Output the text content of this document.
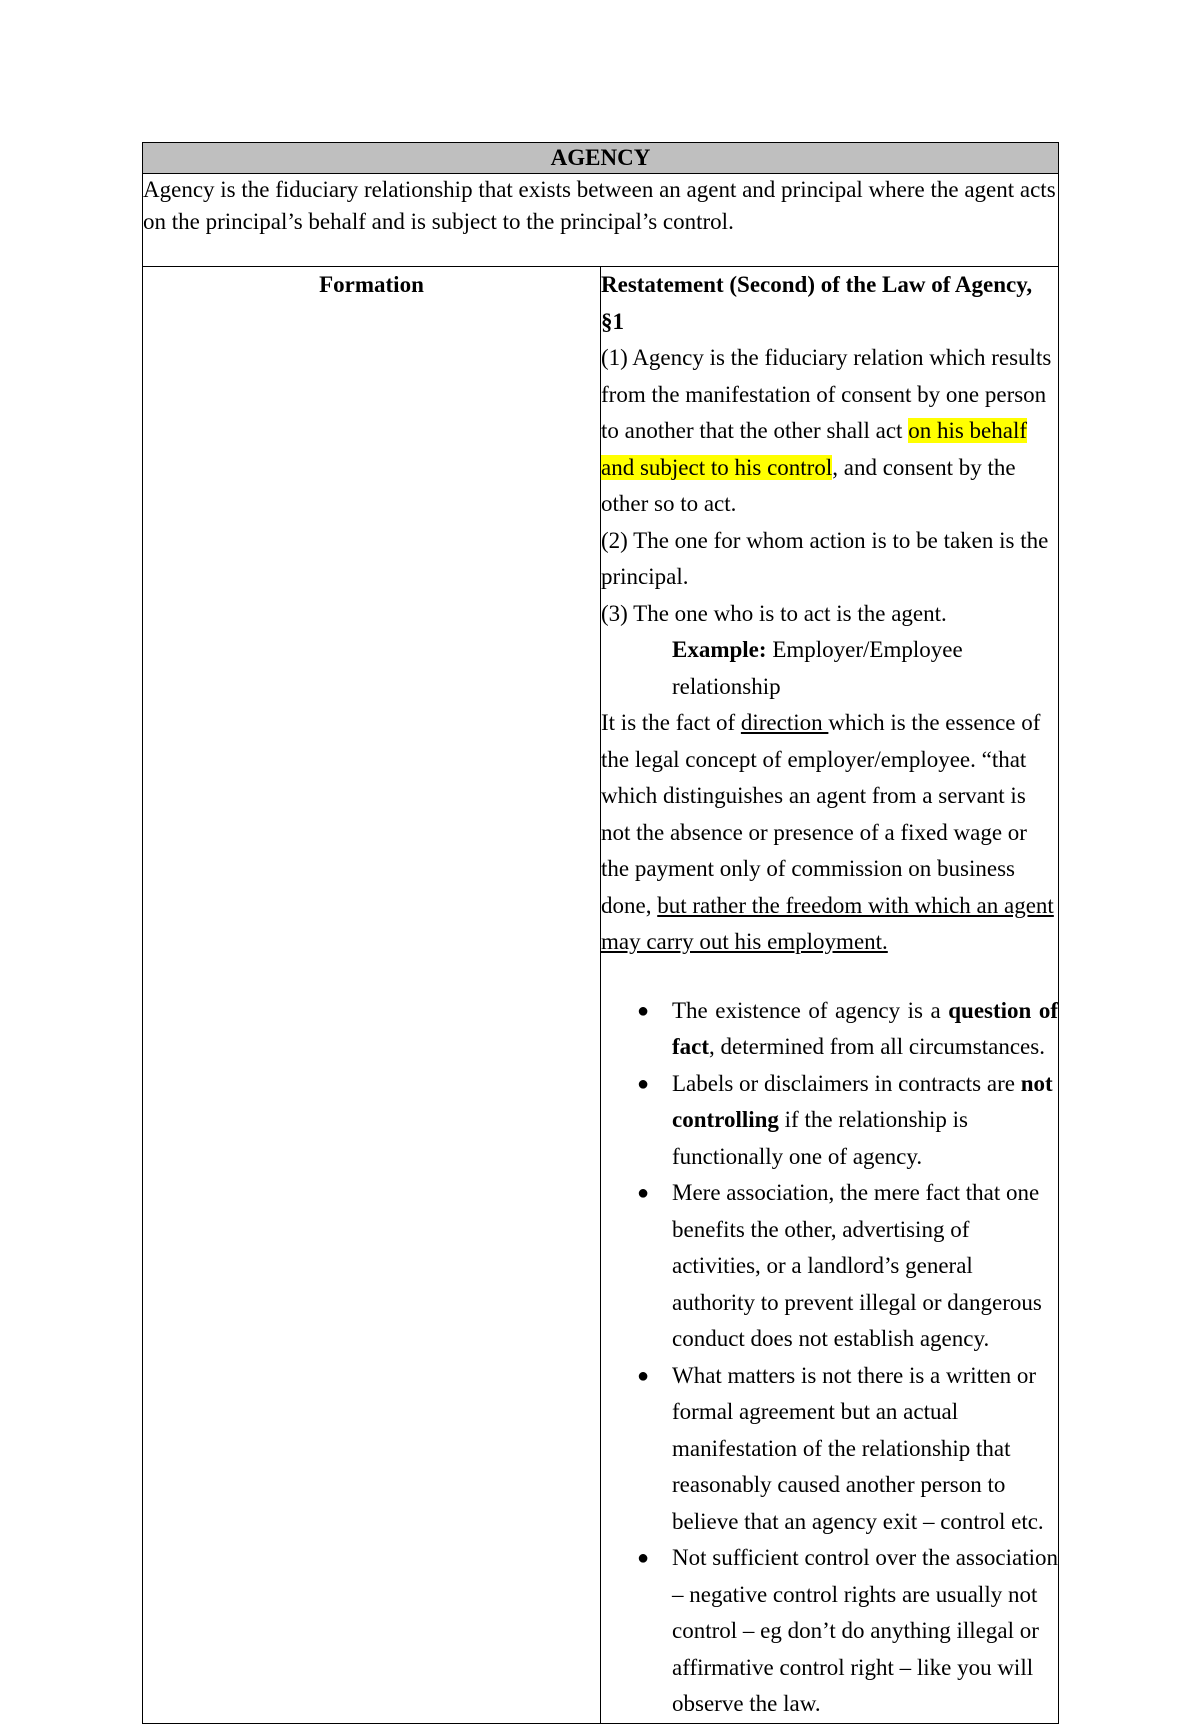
AGENCY
Agency is the fiduciary relationship that exists between an agent and principal where the agent acts on the principal’s behalf and is subject to the principal’s control.
Formation	Restatement (Second) of the Law of Agency, §1

(1) Agency is the fiduciary relation which results from the manifestation of consent by one person to another that the other shall act on his behalf and subject to his control, and consent by the other so to act.

(2) The one for whom action is to be taken is the principal.

(3) The one who is to act is the agent.

Example: Employer/Employee relationship

It is the fact of direction which is the essence of the legal concept of employer/employee. “that which distinguishes an agent from a servant is not the absence or presence of a fixed wage or the payment only of commission on business done, but rather the freedom with which an agent may carry out his employment.

● The existence of agency is a question of fact, determined from all circumstances.
● Labels or disclaimers in contracts are not controlling if the relationship is functionally one of agency.
● Mere association, the mere fact that one benefits the other, advertising of activities, or a landlord’s general authority to prevent illegal or dangerous conduct does not establish agency.
● What matters is not there is a written or formal agreement but an actual manifestation of the relationship that reasonably caused another person to believe that an agency exit – control etc.
● Not sufficient control over the association – negative control rights are usually not control – eg don’t do anything illegal or affirmative control right – like you will observe the law.
